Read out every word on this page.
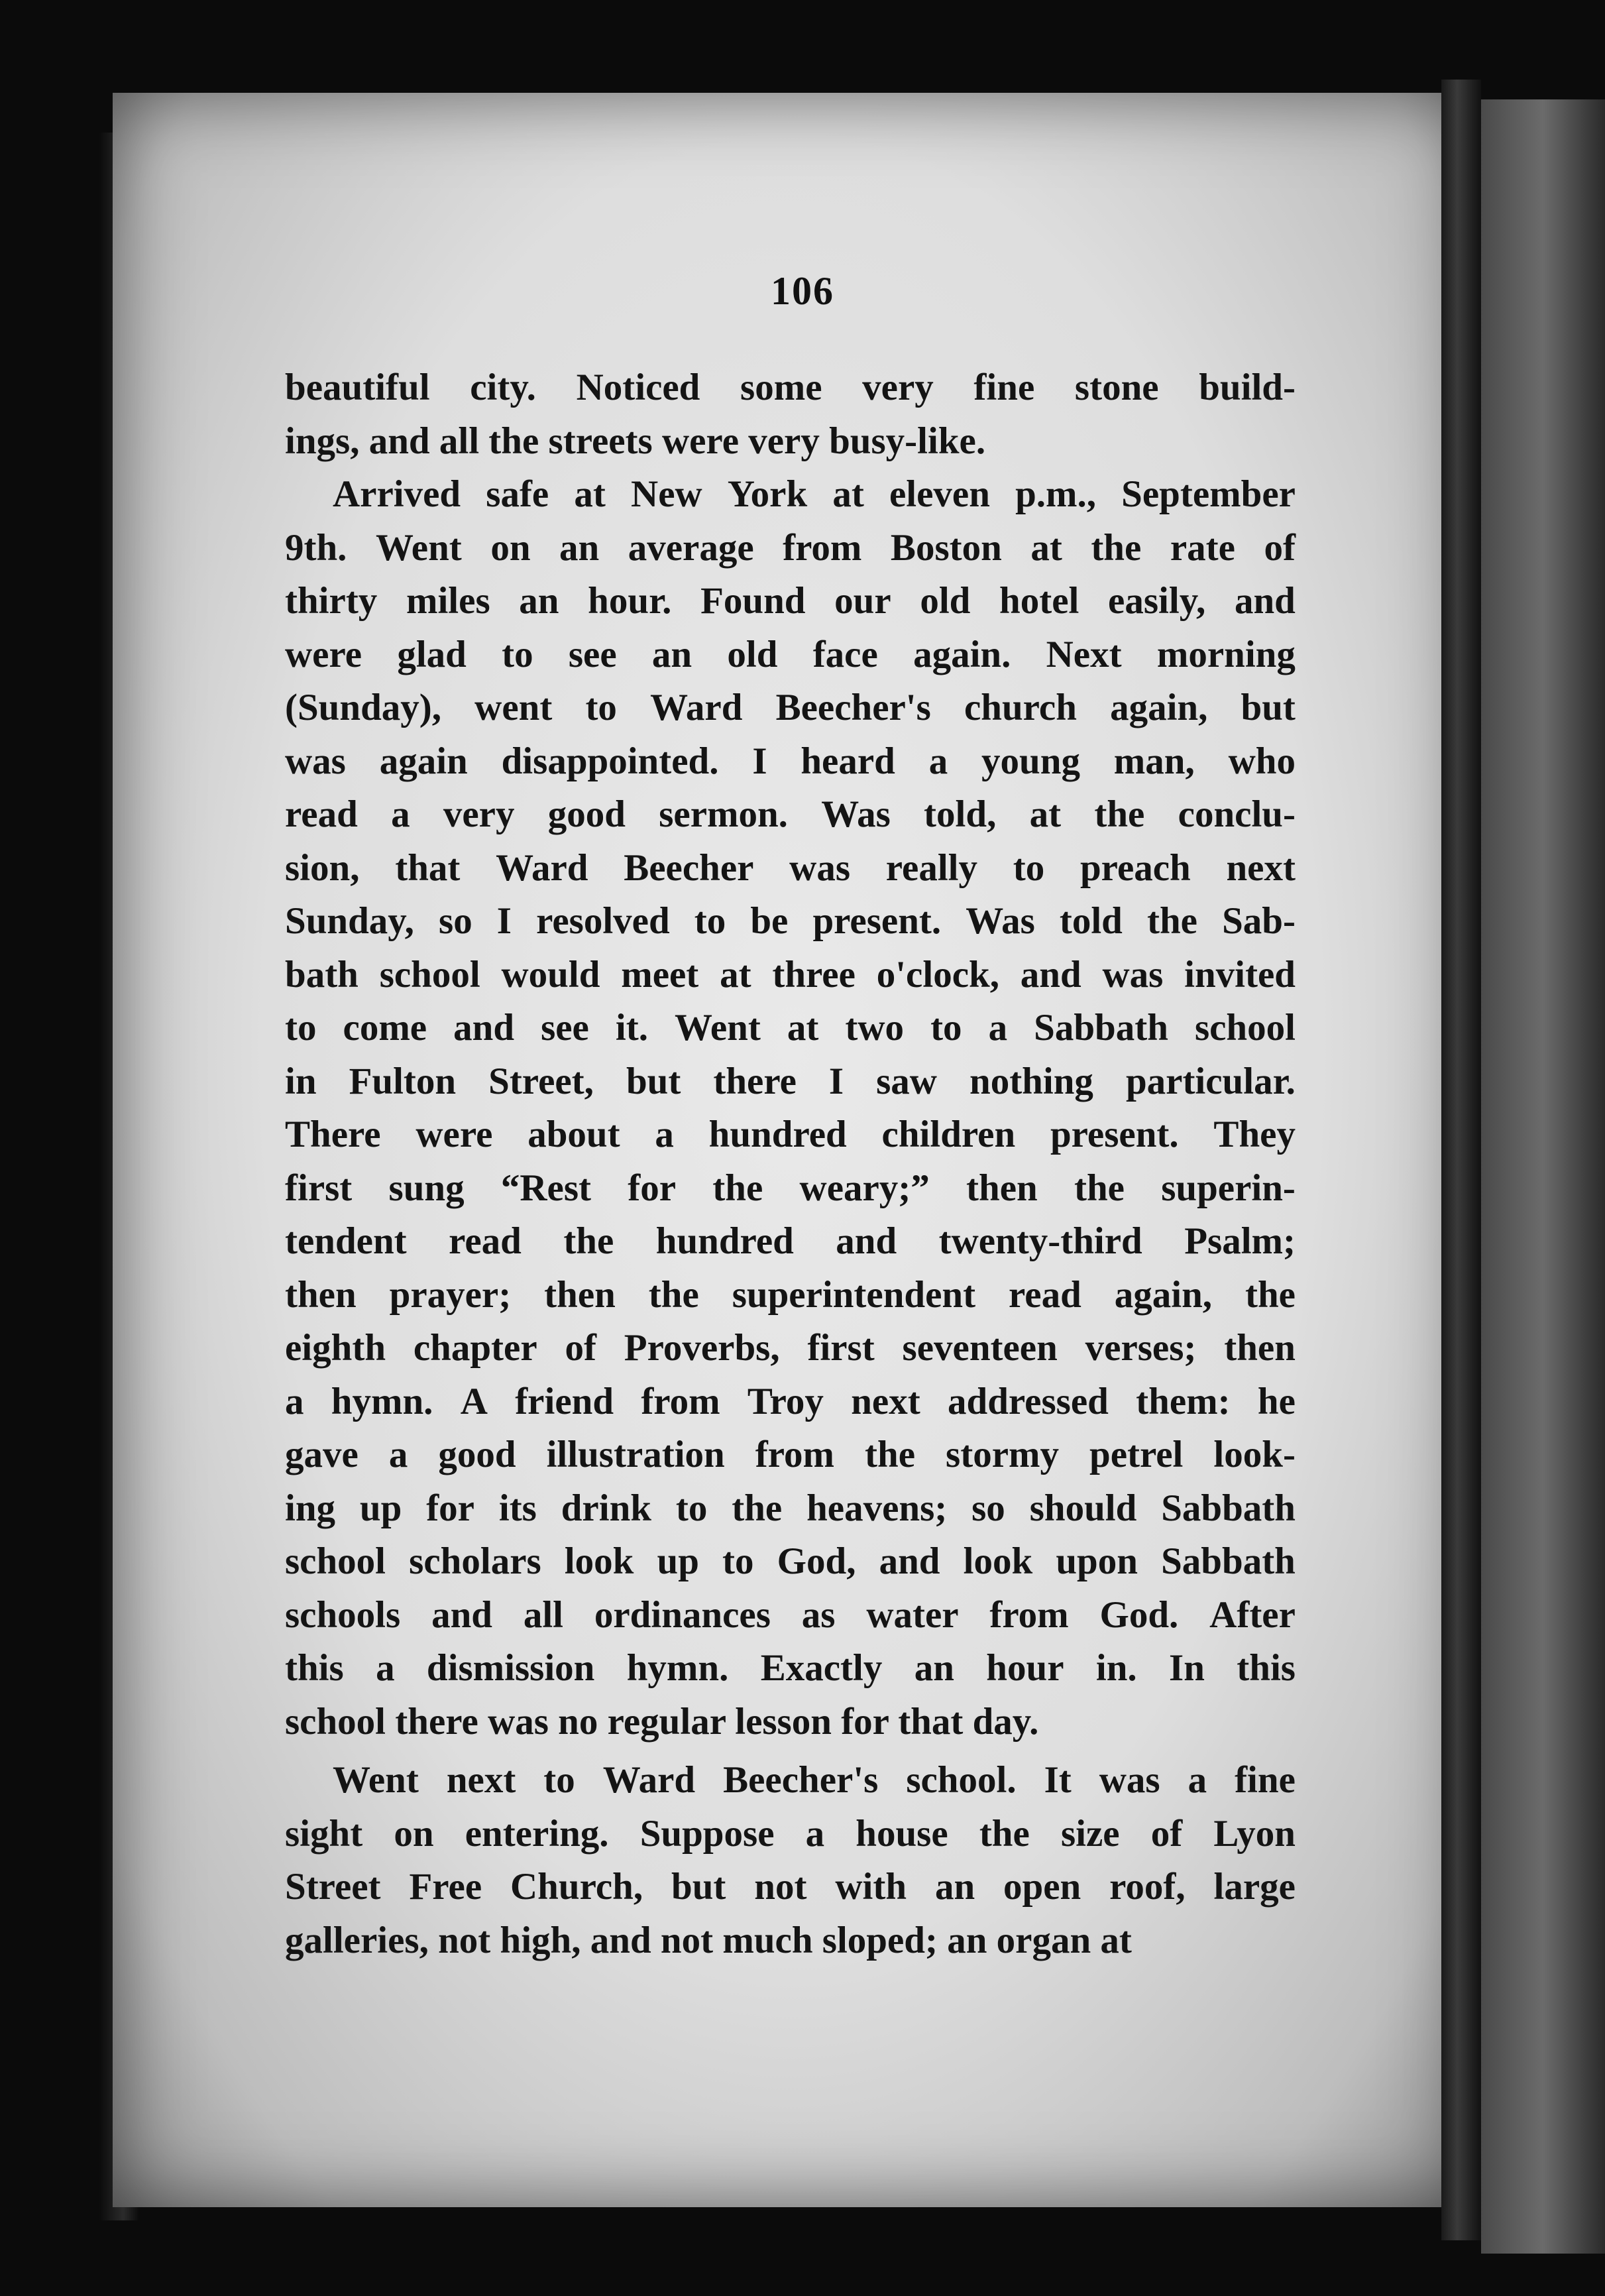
106
beautiful city. Noticed some very fine stone build-
ings, and all the streets were very busy-like.
Arrived safe at New York at eleven p.m., September
9th. Went on an average from Boston at the rate of
thirty miles an hour. Found our old hotel easily, and
were glad to see an old face again. Next morning
(Sunday), went to Ward Beecher's church again, but
was again disappointed. I heard a young man, who
read a very good sermon. Was told, at the conclu-
sion, that Ward Beecher was really to preach next
Sunday, so I resolved to be present. Was told the Sab-
bath school would meet at three o'clock, and was invited
to come and see it. Went at two to a Sabbath school
in Fulton Street, but there I saw nothing particular.
There were about a hundred children present. They
first sung “Rest for the weary;” then the superin-
tendent read the hundred and twenty-third Psalm;
then prayer; then the superintendent read again, the
eighth chapter of Proverbs, first seventeen verses; then
a hymn. A friend from Troy next addressed them: he
gave a good illustration from the stormy petrel look-
ing up for its drink to the heavens; so should Sabbath
school scholars look up to God, and look upon Sabbath
schools and all ordinances as water from God. After
this a dismission hymn. Exactly an hour in. In this
school there was no regular lesson for that day.
Went next to Ward Beecher's school. It was a fine
sight on entering. Suppose a house the size of Lyon
Street Free Church, but not with an open roof, large
galleries, not high, and not much sloped; an organ at
